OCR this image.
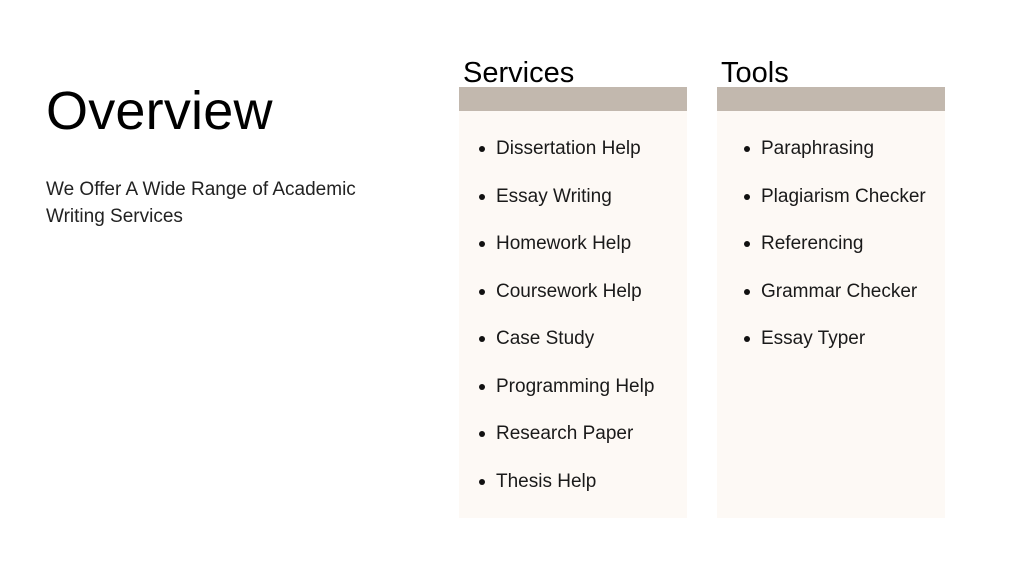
Overview

We Offer A Wide Range of Academic Writing Services

Services
Dissertation Help
Essay Writing
Homework Help
Coursework Help
Case Study
Programming Help
Research Paper
Thesis Help
Tools
Paraphrasing
Plagiarism Checker
Referencing
Grammar Checker
Essay Typer
